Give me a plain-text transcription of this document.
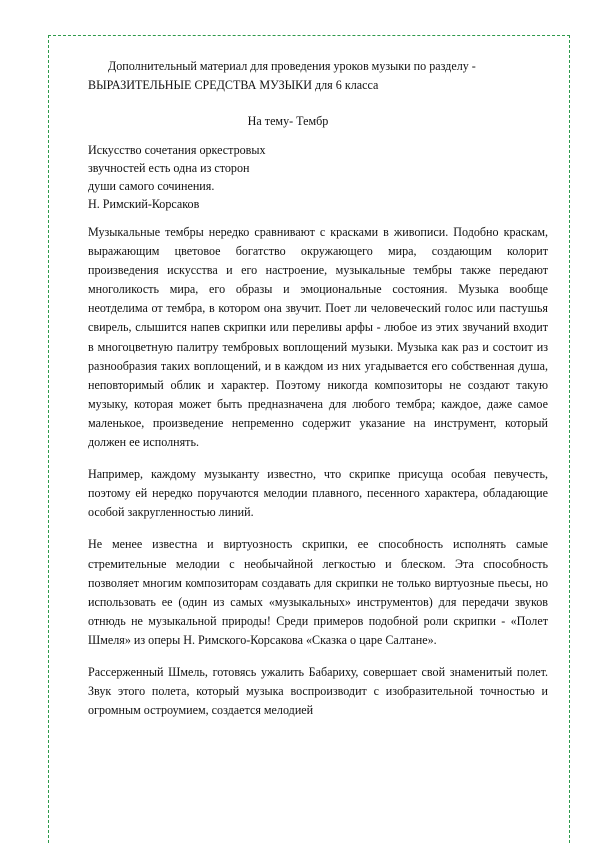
Дополнительный материал для проведения уроков музыки по разделу -
ВЫРАЗИТЕЛЬНЫЕ СРЕДСТВА МУЗЫКИ для 6 класса
На тему- Тембр
Искусство сочетания оркестровых
звучностей есть одна из сторон
души самого сочинения.
Н. Римский-Корсаков

Музыкальные тембры нередко сравнивают с красками в живописи. Подобно краскам, выражающим цветовое богатство окружающего мира, создающим колорит произведения искусства и его настроение, музыкальные тембры также передают многоликость мира, его образы и эмоциональные состояния. Музыка вообще неотделима от тембра, в котором она звучит. Поет ли человеческий голос или пастушья свирель, слышится напев скрипки или переливы арфы - любое из этих звучаний входит в многоцветную палитру тембровых воплощений музыки. Музыка как раз и состоит из разнообразия таких воплощений, и в каждом из них угадывается его собственная душа, неповторимый облик и характер. Поэтому никогда композиторы не создают такую музыку, которая может быть предназначена для любого тембра; каждое, даже самое маленькое, произведение непременно содержит указание на инструмент, который должен ее исполнять.

Например, каждому музыканту известно, что скрипке присуща особая певучесть, поэтому ей нередко поручаются мелодии плавного, песенного характера, обладающие особой закругленностью линий.

Не менее известна и виртуозность скрипки, ее способность исполнять самые стремительные мелодии с необычайной легкостью и блеском. Эта способность позволяет многим композиторам создавать для скрипки не только виртуозные пьесы, но использовать ее (один из самых «музыкальных» инструментов) для передачи звуков отнюдь не музыкальной природы! Среди примеров подобной роли скрипки - «Полет Шмеля» из оперы Н. Римского-Корсакова «Сказка о царе Салтане».

Рассерженный Шмель, готовясь ужалить Бабариху, совершает свой знаменитый полет. Звук этого полета, который музыка воспроизводит с изобразительной точностью и огромным остроумием, создается мелодией
